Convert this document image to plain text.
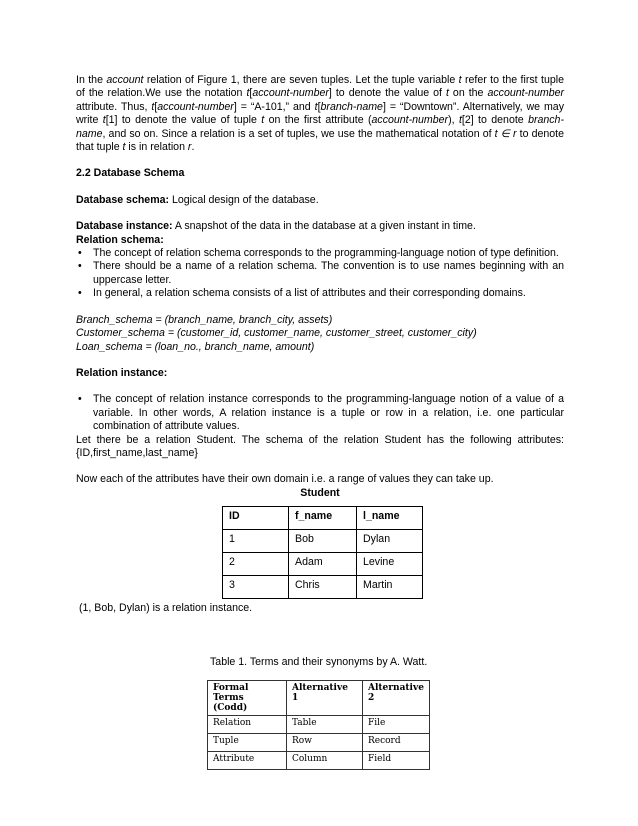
In the account relation of Figure 1, there are seven tuples. Let the tuple variable t refer to the first tuple of the relation.We use the notation t[account-number] to denote the value of t on the account-number attribute. Thus, t[account-number] = “A-101,” and t[branch-name] = “Downtown”. Alternatively, we may write t[1] to denote the value of tuple t on the first attribute (account-number), t[2] to denote branch-name, and so on. Since a relation is a set of tuples, we use the mathematical notation of t ∈ r to denote that tuple t is in relation r.

2.2 Database Schema

Database schema: Logical design of the database.

Database instance: A snapshot of the data in the database at a given instant in time.

Relation schema:

• The concept of relation schema corresponds to the programming-language notion of type definition.
• There should be a name of a relation schema. The convention is to use names beginning with an uppercase letter.
• In general, a relation schema consists of a list of attributes and their corresponding domains.

Branch_schema = (branch_name, branch_city, assets)

Customer_schema = (customer_id, customer_name, customer_street, customer_city)

Loan_schema = (loan_no., branch_name, amount)

Relation instance:

• The concept of relation instance corresponds to the programming-language notion of a value of a variable. In other words, A relation instance is a tuple or row in a relation, i.e. one particular combination of attribute values.

Let there be a relation Student. The schema of the relation Student has the following attributes: {ID,first_name,last_name}

Now each of the attributes have their own domain i.e. a range of values they can take up.

Student

ID	f_name	l_name
1	Bob	Dylan
2	Adam	Levine
3	Chris	Martin

(1, Bob, Dylan) is a relation instance.

Table 1. Terms and their synonyms by A. Watt.

Formal Terms (Codd)	Alternative 1	Alternative 2
Relation	Table	File
Tuple	Row	Record
Attribute	Column	Field
